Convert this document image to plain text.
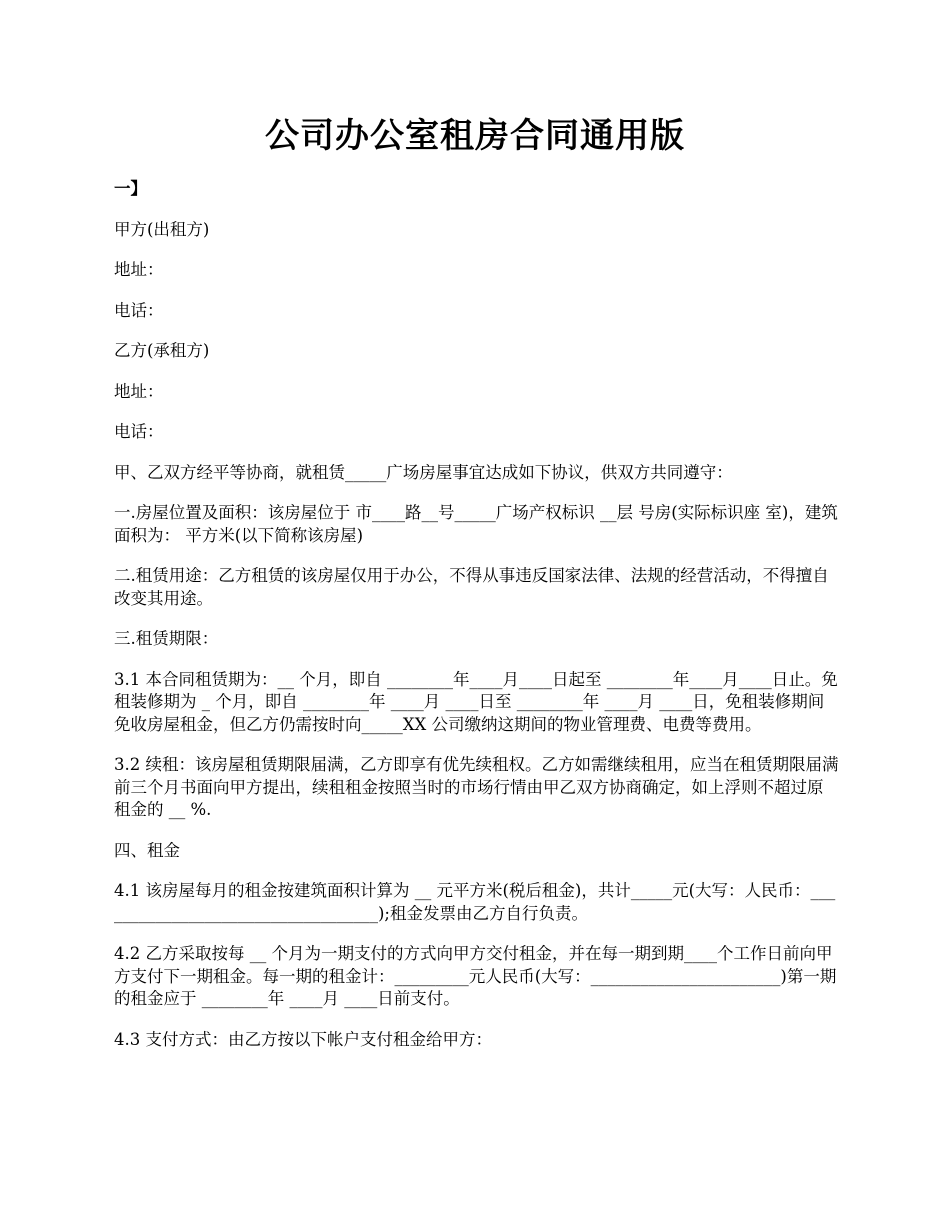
公司办公室租房合同通用版

一】

甲方(出租方)

地址：

电话：

乙方(承租方)

地址：

电话：

甲、乙双方经平等协商，就租赁_____广场房屋事宜达成如下协议，供双方共同遵守：

一.房屋位置及面积：该房屋位于 市____路__号_____广场产权标识 __层 号房(实际标识座 室)，建筑面积为： 平方米(以下简称该房屋)

二.租赁用途：乙方租赁的该房屋仅用于办公，不得从事违反国家法律、法规的经营活动，不得擅自改变其用途。

三.租赁期限：

3.1 本合同租赁期为：__ 个月，即自 ________年____月____日起至 ________年____月____日止。免租装修期为 _ 个月，即自 ________年 ____月 ____日至 ________年 ____月 ____日，免租装修期间免收房屋租金，但乙方仍需按时向_____XX 公司缴纳这期间的物业管理费、电费等费用。

3.2 续租：该房屋租赁期限届满，乙方即享有优先续租权。乙方如需继续租用，应当在租赁期限届满前三个月书面向甲方提出，续租租金按照当时的市场行情由甲乙双方协商确定，如上浮则不超过原租金的 __ %.

四、租金

4.1 该房屋每月的租金按建筑面积计算为 __ 元平方米(税后租金)，共计_____元(大写：人民币：___________________________________);租金发票由乙方自行负责。

4.2 乙方采取按每 __ 个月为一期支付的方式向甲方交付租金，并在每一期到期____个工作日前向甲方支付下一期租金。每一期的租金计：_________元人民币(大写：_______________________)第一期的租金应于 ________年 ____月 ____日前支付。

4.3 支付方式：由乙方按以下帐户支付租金给甲方：
